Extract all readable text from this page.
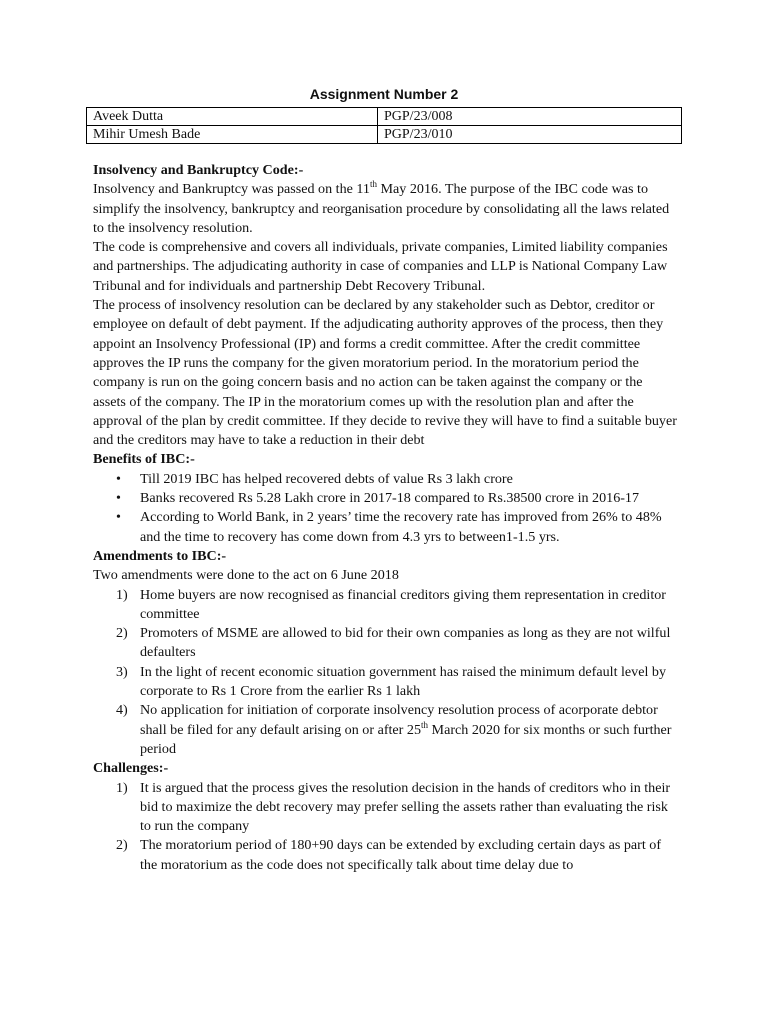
Assignment Number 2
Aveek Dutta	PGP/23/008
Mihir Umesh Bade	PGP/23/010

Insolvency and Bankruptcy Code:-

Insolvency and Bankruptcy was passed on the 11th May 2016. The purpose of the IBC code was to simplify the insolvency, bankruptcy and reorganisation procedure by consolidating all the laws related to the insolvency resolution.

The code is comprehensive and covers all individuals, private companies, Limited liability companies and partnerships. The adjudicating authority in case of companies and LLP is National Company Law Tribunal and for individuals and partnership Debt Recovery Tribunal.

The process of insolvency resolution can be declared by any stakeholder such as Debtor, creditor or employee on default of debt payment. If the adjudicating authority approves of the process, then they appoint an Insolvency Professional (IP) and forms a credit committee. After the credit committee approves the IP runs the company for the given moratorium period. In the moratorium period the company is run on the going concern basis and no action can be taken against the company or the assets of the company. The IP in the moratorium comes up with the resolution plan and after the approval of the plan by credit committee. If they decide to revive they will have to find a suitable buyer and the creditors may have to take a reduction in their debt

Benefits of IBC:-

• Till 2019 IBC has helped recovered debts of value Rs 3 lakh crore
• Banks recovered Rs 5.28 Lakh crore in 2017-18 compared to Rs.38500 crore in 2016-17
• According to World Bank, in 2 years’ time the recovery rate has improved from 26% to 48% and the time to recovery has come down from 4.3 yrs to between1-1.5 yrs.

Amendments to IBC:-

Two amendments were done to the act on 6 June 2018

1) Home buyers are now recognised as financial creditors giving them representation in creditor committee
2) Promoters of MSME are allowed to bid for their own companies as long as they are not wilful defaulters
3) In the light of recent economic situation government has raised the minimum default level by corporate to Rs 1 Crore from the earlier Rs 1 lakh
4) No application for initiation of corporate insolvency resolution process of acorporate debtor shall be filed for any default arising on or after 25th March 2020 for six months or such further period

Challenges:-

1) It is argued that the process gives the resolution decision in the hands of creditors who in their bid to maximize the debt recovery may prefer selling the assets rather than evaluating the risk to run the company
2) The moratorium period of 180+90 days can be extended by excluding certain days as part of the moratorium as the code does not specifically talk about time delay due to
